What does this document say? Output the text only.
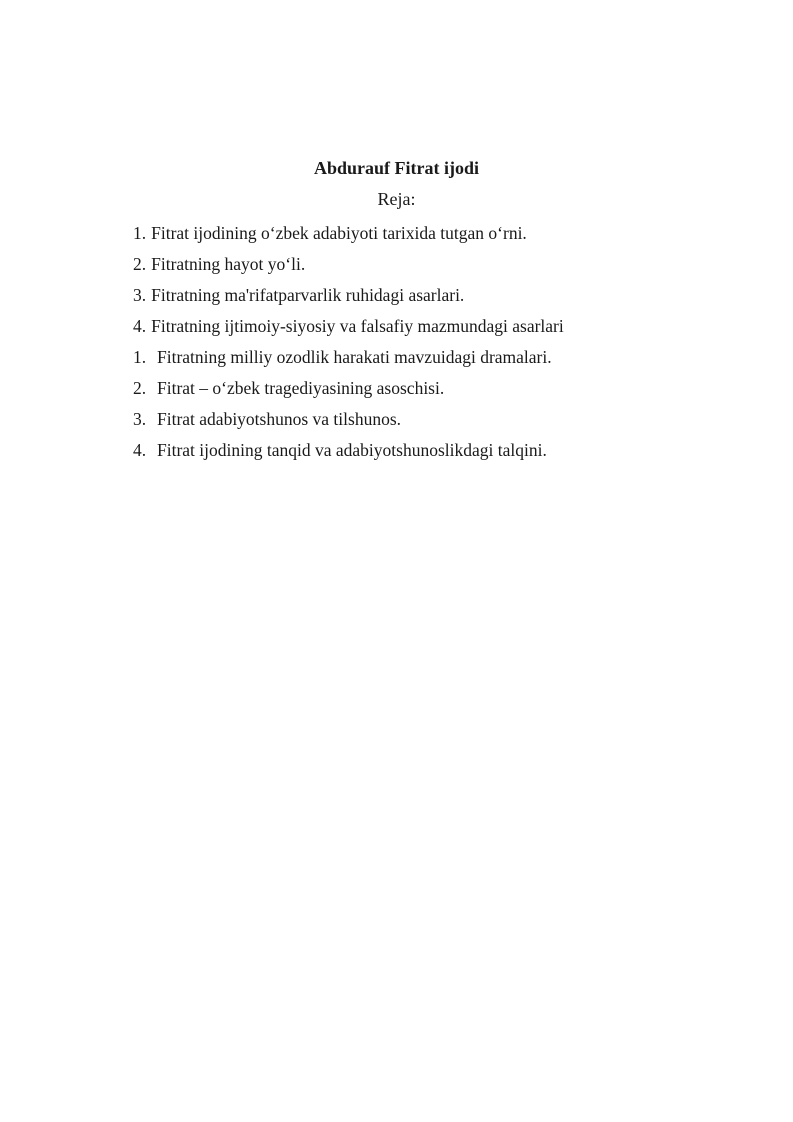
Abdurauf Fitrat ijodi
Reja:
1. Fitrat ijodining o‘zbek adabiyoti tarixida tutgan o‘rni.
2. Fitratning hayot yo‘li.
3. Fitratning ma'rifatparvarlik ruhidagi asarlari.
4. Fitratning ijtimoiy-siyosiy va falsafiy mazmundagi asarlari
1. Fitratning milliy ozodlik harakati mavzuidagi dramalari.
2. Fitrat – o‘zbek tragediyasining asoschisi.
3. Fitrat adabiyotshunos va tilshunos.
4. Fitrat ijodining tanqid va adabiyotshunoslikdagi talqini.
